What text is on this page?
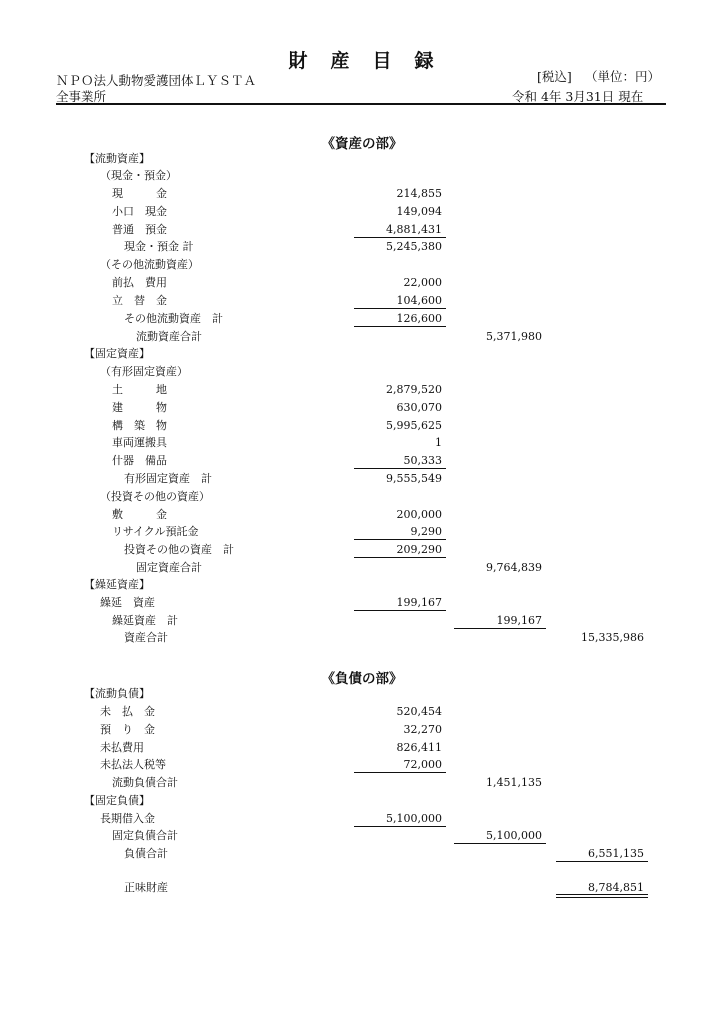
財　産　目　録
ＮＰＯ法人動物愛護団体ＬＹＳＴＡ	[税込] （単位：円）
全事業所	令和 4年 3月31日 現在
《資産の部》
【流動資産】
（現金・預金）
現　　　金	214,855
小口　現金	149,094
普通　預金	4,881,431
現金・預金 計	5,245,380
（その他流動資産）
前払　費用	22,000
立　替　金	104,600
その他流動資産　計	126,600
流動資産合計	5,371,980
【固定資産】
（有形固定資産）
土　　　地	2,879,520
建　　　物	630,070
構　築　物	5,995,625
車両運搬具	1
什器　備品	50,333
有形固定資産　計	9,555,549
（投資その他の資産）
敷　　　金	200,000
リサイクル預託金	9,290
投資その他の資産　計	209,290
固定資産合計	9,764,839
【繰延資産】
繰延　資産	199,167
繰延資産　計	199,167
資産合計	15,335,986
《負債の部》
【流動負債】
未　払　金	520,454
預　り　金	32,270
未払費用	826,411
未払法人税等	72,000
流動負債合計	1,451,135
【固定負債】
長期借入金	5,100,000
固定負債合計	5,100,000
負債合計	6,551,135
正味財産	8,784,851
